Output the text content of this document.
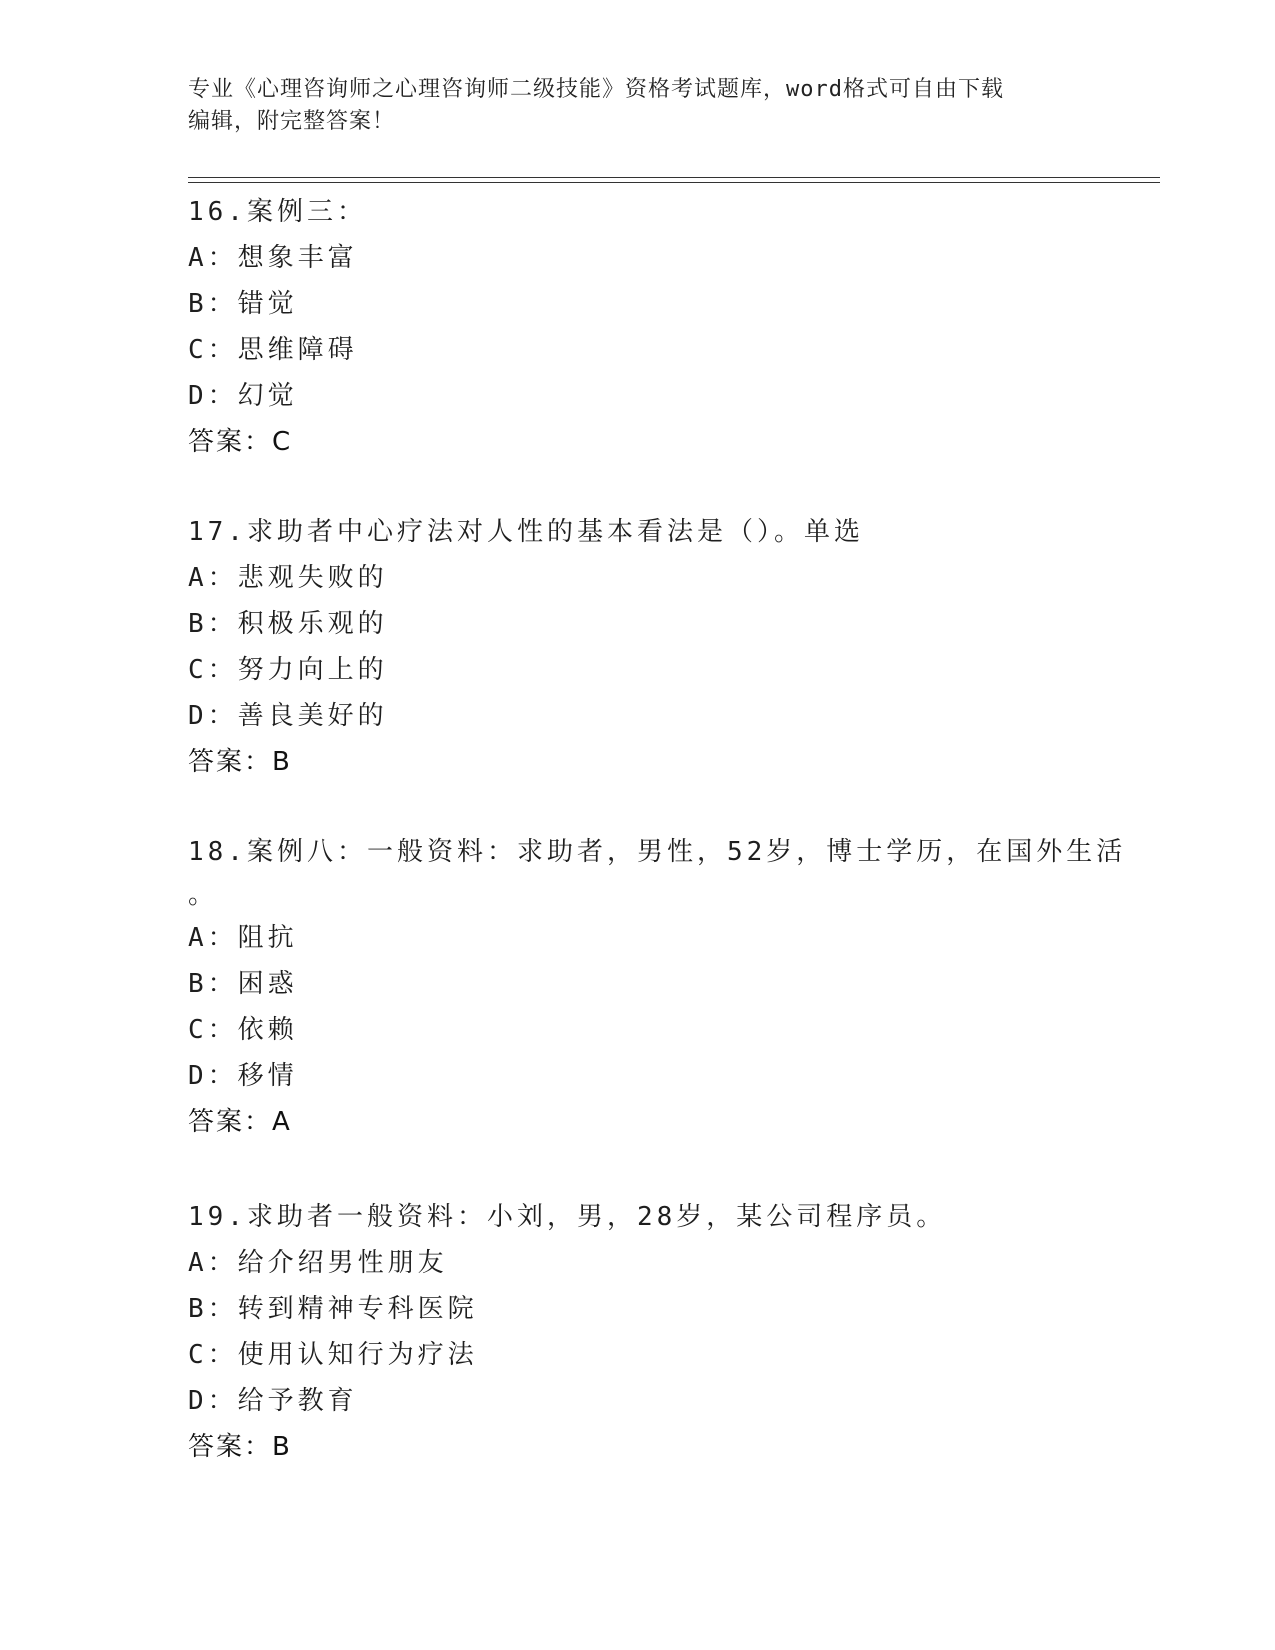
专业《心理咨询师之心理咨询师二级技能》资格考试题库，word格式可自由下载
编辑，附完整答案！
16.案例三：
A：想象丰富
B：错觉
C：思维障碍
D：幻觉
答案：C
17.求助者中心疗法对人性的基本看法是（）。单选
A：悲观失败的
B：积极乐观的
C：努力向上的
D：善良美好的
答案：B
18.案例八：一般资料：求助者，男性，52岁，博士学历，在国外生活
。
A：阻抗
B：困惑
C：依赖
D：移情
答案：A
19.求助者一般资料：小刘，男，28岁，某公司程序员。
A：给介绍男性朋友
B：转到精神专科医院
C：使用认知行为疗法
D：给予教育
答案：B
